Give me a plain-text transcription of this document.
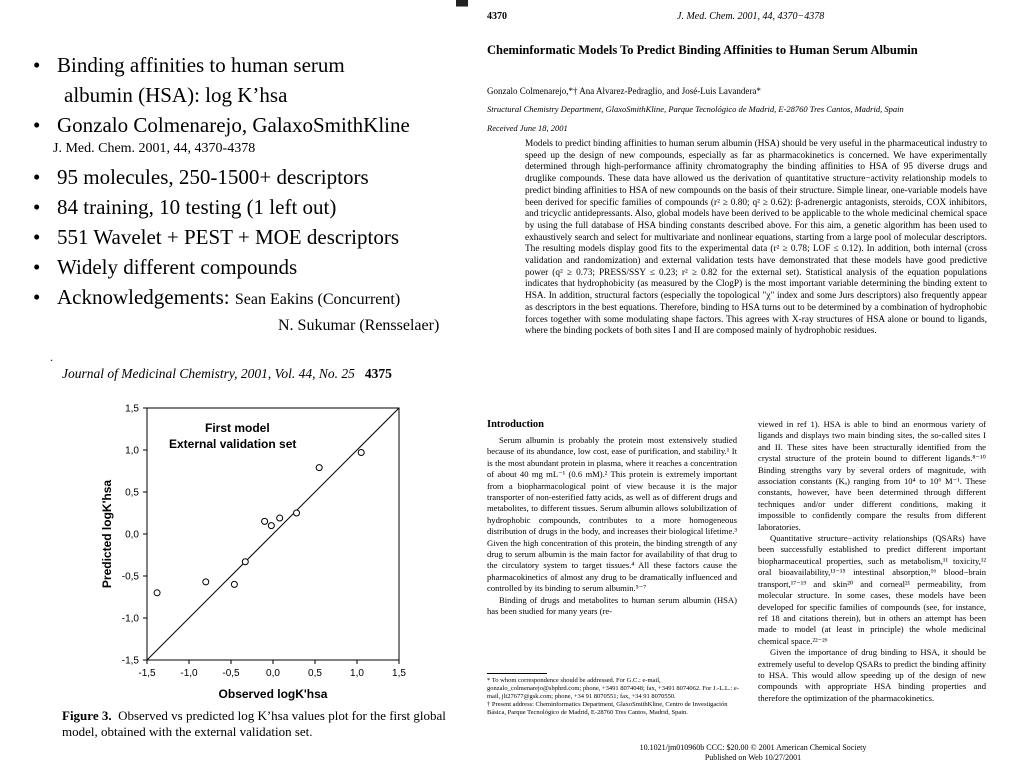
• Binding affinities to human serum
albumin (HSA): log K’hsa
• Gonzalo Colmenarejo, GalaxoSmithKline
J. Med. Chem. 2001, 44, 4370-4378
• 95 molecules, 250-1500+ descriptors
• 84 training, 10 testing (1 left out)
• 551 Wavelet + PEST + MOE descriptors
• Widely different compounds
• Acknowledgements: Sean Eakins (Concurrent)
N. Sukumar (Rensselaer)
.
Journal of Medicinal Chemistry, 2001, Vol. 44, No. 25 4375
-1,5
-1,5
-1,0
-1,0
-0,5
-0,5
0,0
0,0
0,5
0,5
1,0
1,0
1,5
1,5
First model
External validation set
Observed logK'hsa
Predicted logK'hsa
Figure 3. Observed vs predicted log K’hsa values plot for the first global model, obtained with the external validation set.
4370	J. Med. Chem. 2001, 44, 4370−4378
Cheminformatic Models To Predict Binding Affinities to Human Serum Albumin
Gonzalo Colmenarejo,*† Ana Alvarez-Pedraglio, and José-Luis Lavandera*
Structural Chemistry Department, GlaxoSmithKline, Parque Tecnológico de Madrid, E-28760 Tres Cantos, Madrid, Spain
Received June 18, 2001
Models to predict binding affinities to human serum albumin (HSA) should be very useful in the pharmaceutical industry to speed up the design of new compounds, especially as far as pharmacokinetics is concerned. We have experimentally determined through high-performance affinity chromatography the binding affinities to HSA of 95 diverse drugs and druglike compounds. These data have allowed us the derivation of quantitative structure−activity relationship models to predict binding affinities to HSA of new compounds on the basis of their structure. Simple linear, one-variable models have been derived for specific families of compounds (r² ≥ 0.80; q² ≥ 0.62): β-adrenergic antagonists, steroids, COX inhibitors, and tricyclic antidepressants. Also, global models have been derived to be applicable to the whole medicinal chemical space by using the full database of HSA binding constants described above. For this aim, a genetic algorithm has been used to exhaustively search and select for multivariate and nonlinear equations, starting from a large pool of molecular descriptors. The resulting models display good fits to the experimental data (r² ≥ 0.78; LOF ≤ 0.12). In addition, both internal (cross validation and randomization) and external validation tests have demonstrated that these models have good predictive power (q² ≥ 0.73; PRESS/SSY ≤ 0.23; r² ≥ 0.82 for the external set). Statistical analysis of the equation populations indicates that hydrophobicity (as measured by the ClogP) is the most important variable determining the binding extent to HSA. In addition, structural factors (especially the topological "χ" index and some Jurs descriptors) also frequently appear as descriptors in the best equations. Therefore, binding to HSA turns out to be determined by a combination of hydrophobic forces together with some modulating shape factors. This agrees with X-ray structures of HSA alone or bound to ligands, where the binding pockets of both sites I and II are composed mainly of hydrophobic residues.
Introduction

Serum albumin is probably the protein most extensively studied because of its abundance, low cost, ease of purification, and stability.¹ It is the most abundant protein in plasma, where it reaches a concentration of about 40 mg mL⁻¹ (0.6 mM).² This protein is extremely important from a biopharmacological point of view because it is the major transporter of non-esterified fatty acids, as well as of different drugs and metabolites, to different tissues. Serum albumin allows solubilization of hydrophobic compounds, contributes to a more homogeneous distribution of drugs in the body, and increases their biological lifetime.³ Given the high concentration of this protein, the binding strength of any drug to serum albumin is the main factor for availability of that drug to the circulatory system to target tissues.⁴ All these factors cause the pharmacokinetics of almost any drug to be dramatically influenced and controlled by its binding to serum albumin.⁵⁻⁷

Binding of drugs and metabolites to human serum albumin (HSA) has been studied for many years (re-

viewed in ref 1). HSA is able to bind an enormous variety of ligands and displays two main binding sites, the so-called sites I and II. These sites have been structurally identified from the crystal structure of the protein bound to different ligands.⁸⁻¹⁰ Binding strengths vary by several orders of magnitude, with association constants (Kₐ) ranging from 10⁴ to 10⁶ M⁻¹. These constants, however, have been determined through different techniques and/or under different conditions, making it impossible to confidently compare the results from different laboratories.

Quantitative structure−activity relationships (QSARs) have been successfully established to predict different important biopharmaceutical properties, such as metabolism,¹¹ toxicity,¹² oral bioavailability,¹³⁻¹⁵ intestinal absorption,¹⁶ blood−brain transport,¹⁷⁻¹⁹ and skin²⁰ and corneal²¹ permeability, from molecular structure. In some cases, these models have been developed for specific families of compounds (see, for instance, ref 18 and citations therein), but in others an attempt has been made to model (at least in principle) the whole medicinal chemical space.²²⁻²⁶

Given the importance of drug binding to HSA, it should be extremely useful to develop QSARs to predict the binding affinity to HSA. This would allow speeding up of the design of new compounds with appropriate HSA binding properties and therefore the optimization of the pharmacokinetics.

* To whom correspondence should be addressed. For G.C.: e-mail, gonzalo_colmenarejo@sbphrd.com; phone, +3491 8074048; fax, +3491 8074062. For J.-L.L.: e-mail, jlt27677@gsk.com; phone, +34 91 8070551; fax, +34 91 8070550.

† Present address: Cheminformatics Department, GlaxoSmithKline, Centro de Investigación Básica, Parque Tecnológico de Madrid, E-28760 Tres Cantos, Madrid, Spain.

10.1021/jm010960b CCC: $20.00 © 2001 American Chemical Society
Published on Web 10/27/2001
